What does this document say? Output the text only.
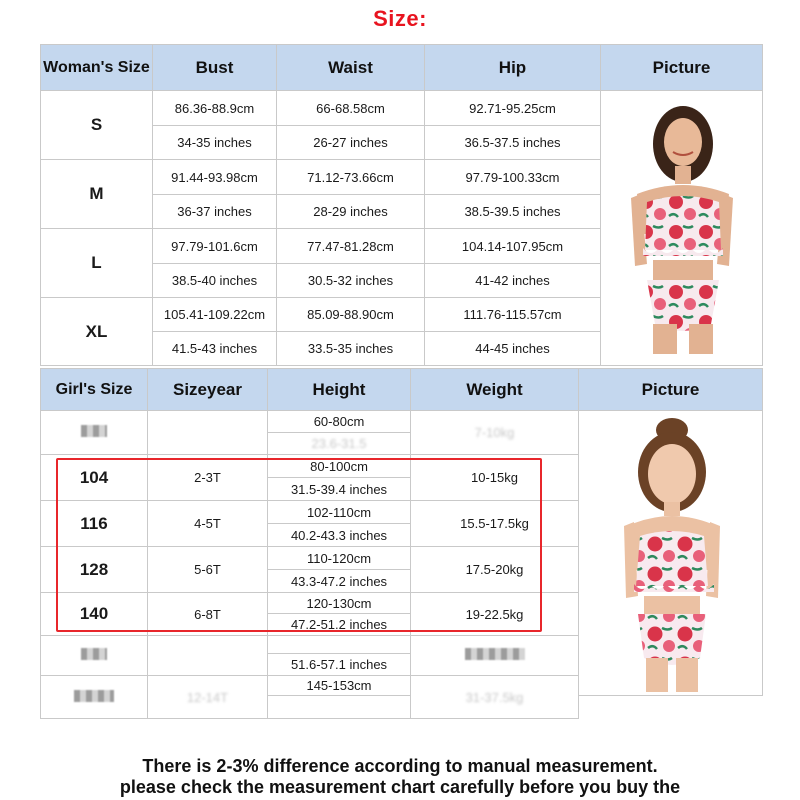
Size:
Woman's Size	Bust	Waist	Hip	Picture
S	86.36-88.9cm	66-68.58cm	92.71-95.25cm	

	34-35 inches	26-27 inches	36.5-37.5 inches	
M	91.44-93.98cm	71.12-73.66cm	97.79-100.33cm	
	36-37 inches	28-29 inches	38.5-39.5 inches	
L	97.79-101.6cm	77.47-81.28cm	104.14-107.95cm	
	38.5-40 inches	30.5-32 inches	41-42 inches	
XL	105.41-109.22cm	85.09-88.90cm	111.76-115.57cm	
	41.5-43 inches	33.5-35 inches	44-45 inches	
Girl's Size	Sizeyear	Height	Weight	Picture
		60-80cm	7-10kg	

		23.6-31.5		
104	2-3T	80-100cm	10-15kg	
		31.5-39.4 inches		
116	4-5T	102-110cm	15.5-17.5kg	
		40.2-43.3 inches		
128	5-6T	110-120cm	17.5-20kg	
		43.3-47.2 inches		
140	6-8T	120-130cm	19-22.5kg	
		47.2-51.2 inches		

		51.6-57.1 inches		
	12-14T	145-153cm	31-37.5kg	

There is 2-3% difference according to manual measurement.
please check the measurement chart carefully before you buy the
